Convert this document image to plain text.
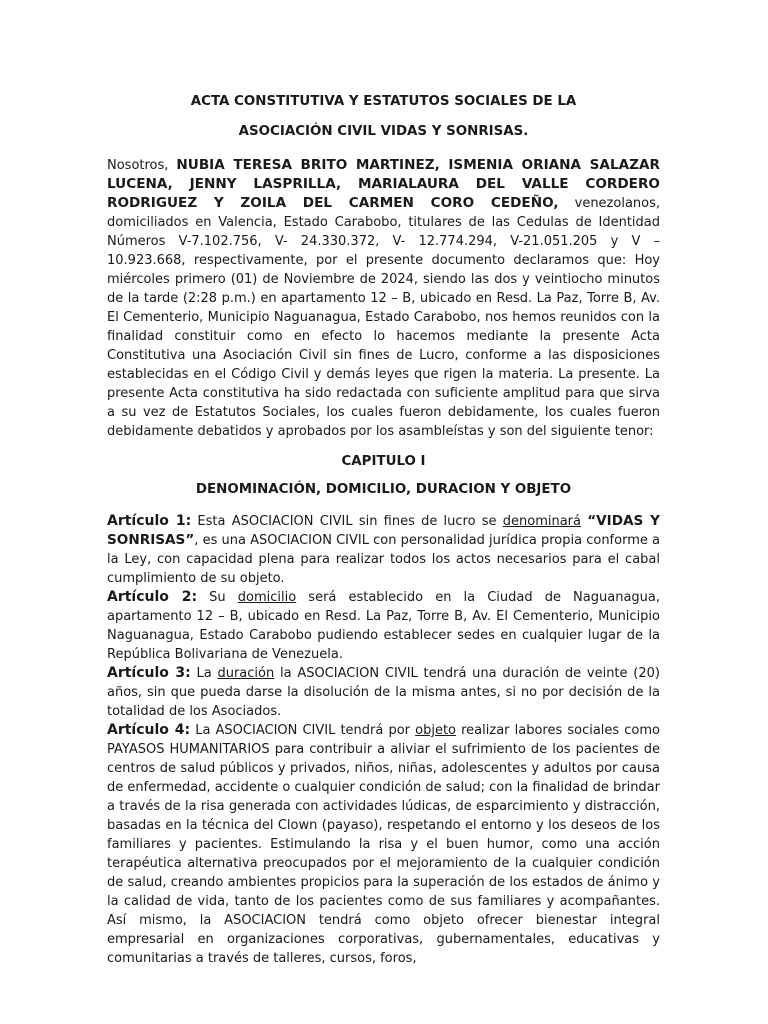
ACTA CONSTITUTIVA Y ESTATUTOS SOCIALES DE LA
ASOCIACIÓN CIVIL VIDAS Y SONRISAS.

Nosotros, NUBIA TERESA BRITO MARTINEZ, ISMENIA ORIANA SALAZAR LUCENA, JENNY LASPRILLA, MARIALAURA DEL VALLE CORDERO RODRIGUEZ Y ZOILA DEL CARMEN CORO CEDEÑO, venezolanos, domiciliados en Valencia, Estado Carabobo, titulares de las Cedulas de Identidad Números V-7.102.756, V- 24.330.372, V- 12.774.294, V-21.051.205 y V – 10.923.668, respectivamente, por el presente documento declaramos que: Hoy miércoles primero (01) de Noviembre de 2024, siendo las dos y veintiocho minutos de la tarde (2:28 p.m.) en apartamento 12 – B, ubicado en Resd. La Paz, Torre B, Av. El Cementerio, Municipio Naguanagua, Estado Carabobo, nos hemos reunidos con la finalidad constituir como en efecto lo hacemos mediante la presente Acta Constitutiva una Asociación Civil sin fines de Lucro, conforme a las disposiciones establecidas en el Código Civil y demás leyes que rigen la materia. La presente. La presente Acta constitutiva ha sido redactada con suficiente amplitud para que sirva a su vez de Estatutos Sociales, los cuales fueron debidamente, los cuales fueron debidamente debatidos y aprobados por los asambleístas y son del siguiente tenor:

CAPITULO I
DENOMINACIÓN, DOMICILIO, DURACION Y OBJETO

Artículo 1: Esta ASOCIACION CIVIL sin fines de lucro se denominará “VIDAS Y SONRISAS”, es una ASOCIACION CIVIL con personalidad jurídica propia conforme a la Ley, con capacidad plena para realizar todos los actos necesarios para el cabal cumplimiento de su objeto.

Artículo 2: Su domicilio será establecido en la Ciudad de Naguanagua, apartamento 12 – B, ubicado en Resd. La Paz, Torre B, Av. El Cementerio, Municipio Naguanagua, Estado Carabobo pudiendo establecer sedes en cualquier lugar de la República Bolivariana de Venezuela.

Artículo 3: La duración la ASOCIACION CIVIL tendrá una duración de veinte (20) años, sin que pueda darse la disolución de la misma antes, si no por decisión de la totalidad de los Asociados.

Artículo 4: La ASOCIACION CIVIL tendrá por objeto realizar labores sociales como PAYASOS HUMANITARIOS para contribuir a aliviar el sufrimiento de los pacientes de centros de salud públicos y privados, niños, niñas, adolescentes y adultos por causa de enfermedad, accidente o cualquier condición de salud; con la finalidad de brindar a través de la risa generada con actividades lúdicas, de esparcimiento y distracción, basadas en la técnica del Clown (payaso), respetando el entorno y los deseos de los familiares y pacientes. Estimulando la risa y el buen humor, como una acción terapéutica alternativa preocupados por el mejoramiento de la cualquier condición de salud, creando ambientes propicios para la superación de los estados de ánimo y la calidad de vida, tanto de los pacientes como de sus familiares y acompañantes. Así mismo, la ASOCIACION tendrá como objeto ofrecer bienestar integral empresarial en organizaciones corporativas, gubernamentales, educativas y comunitarias a través de talleres, cursos, foros,
